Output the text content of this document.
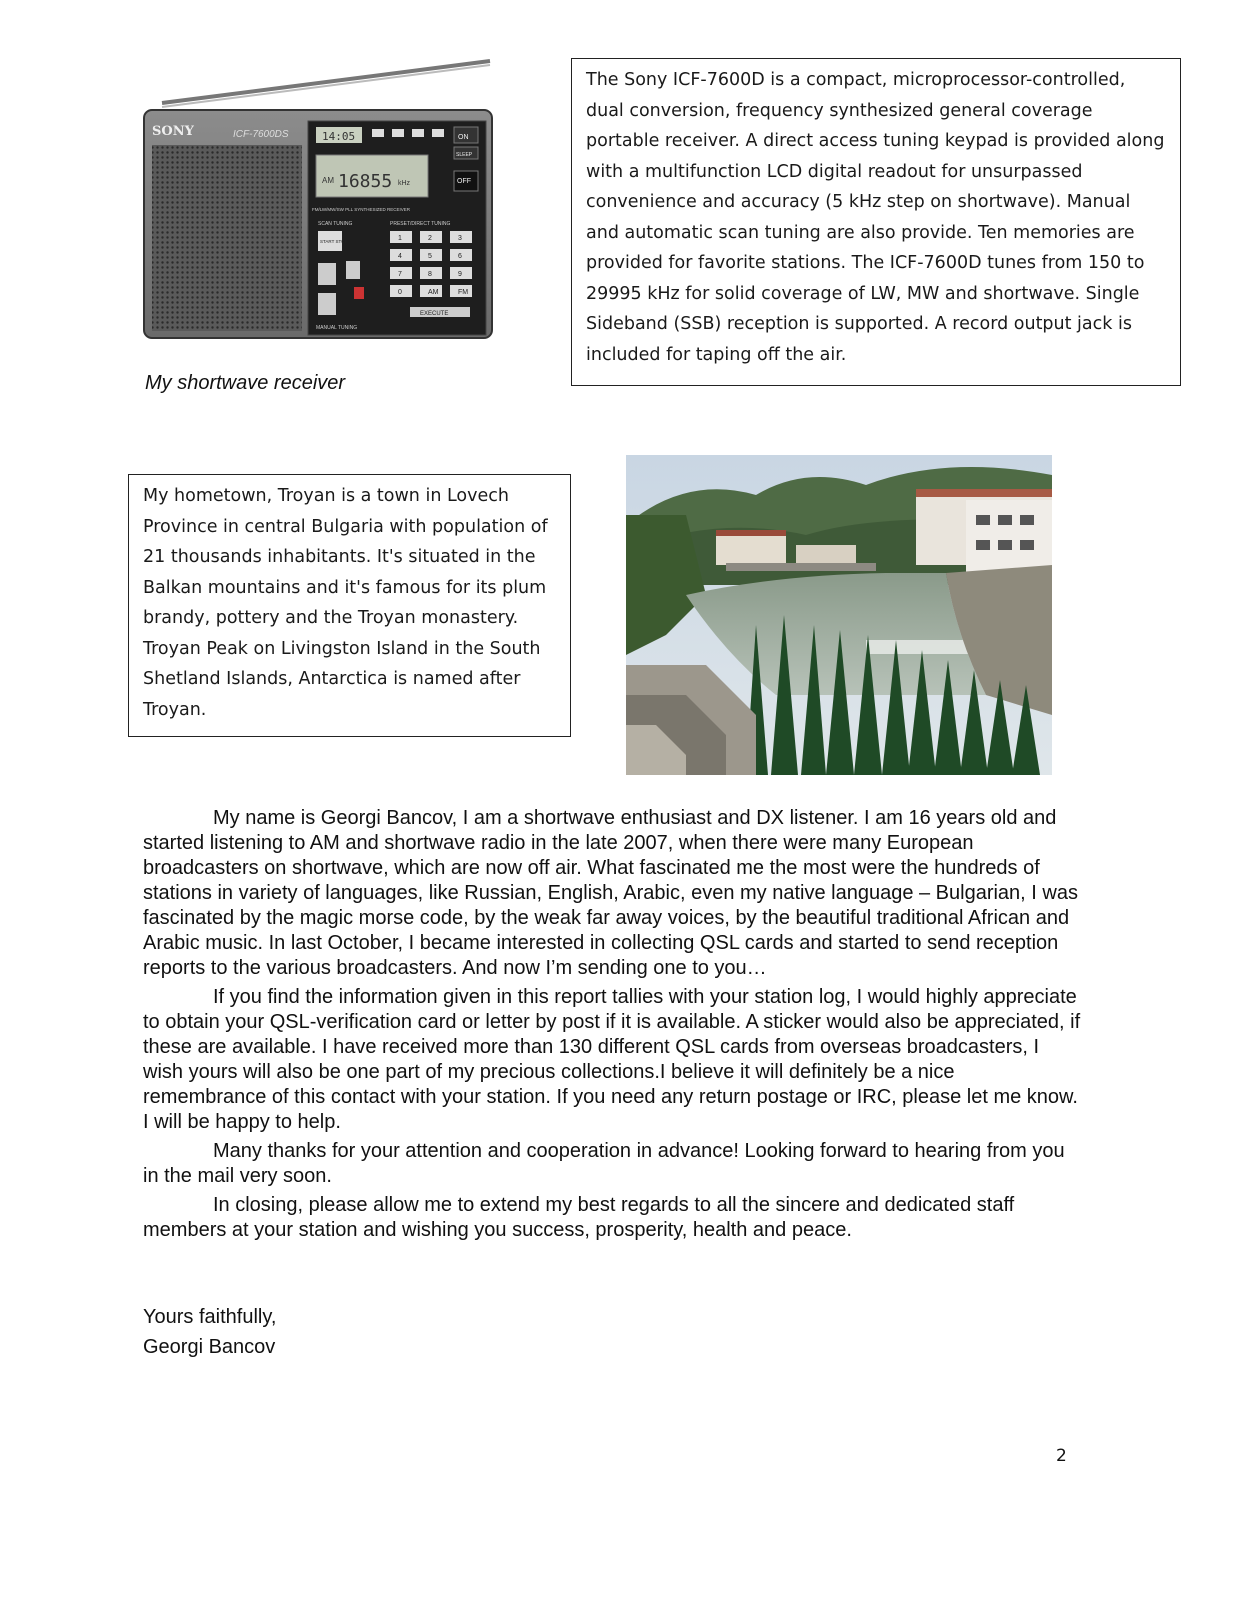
SONY	ICF-7600DS	14:05	ON
SLEEP
OFF
AM 16855 kHz
FM/LW/MW/SW PLL SYNTHESIZED RECEIVER
SCAN TUNING	PRESET/DIRECT TUNING
START STOP	1	2	3
4	5	6
7	8	9
0	AM	FM
EXECUTE
MANUAL TUNING
My shortwave receiver
The Sony ICF-7600D is a compact, microprocessor-controlled, dual conversion, frequency synthesized general coverage portable receiver. A direct access tuning keypad is provided along with a multifunction LCD digital readout for unsurpassed convenience and accuracy (5 kHz step on shortwave). Manual and automatic scan tuning are also provide. Ten memories are provided for favorite stations. The ICF-7600D tunes from 150 to 29995 kHz for solid coverage of LW, MW and shortwave. Single Sideband (SSB) reception is supported. A record output jack is included for taping off the air.
My hometown, Troyan is a town in Lovech Province in central Bulgaria with population of 21 thousands inhabitants. It's situated in the Balkan mountains and it's famous for its plum brandy, pottery and the Troyan monastery. Troyan Peak on Livingston Island in the South Shetland Islands, Antarctica is named after Troyan.

My name is Georgi Bancov, I am a shortwave enthusiast and DX listener. I am 16 years old and started listening to AM and shortwave radio in the late 2007, when there were many European broadcasters on shortwave, which are now off air. What fascinated me the most were the hundreds of stations in variety of languages, like Russian, English, Arabic, even my native language – Bulgarian, I was fascinated by the magic morse code, by the weak far away voices, by the beautiful traditional African and Arabic music. In last October, I became interested in collecting QSL cards and started to send reception reports to the various broadcasters. And now I’m sending one to you…

If you find the information given in this report tallies with your station log, I would highly appreciate to obtain your QSL-verification card or letter by post if it is available. A sticker would also be appreciated, if these are available. I have received more than 130 different QSL cards from overseas broadcasters, I wish yours will also be one part of my precious collections.I believe it will definitely be a nice remembrance of this contact with your station. If you need any return postage or IRC, please let me know. I will be happy to help.

Many thanks for your attention and cooperation in advance! Looking forward to hearing from you in the mail very soon.

In closing, please allow me to extend my best regards to all the sincere and dedicated staff members at your station and wishing you success, prosperity, health and peace.

Yours faithfully,
Georgi Bancov
2
